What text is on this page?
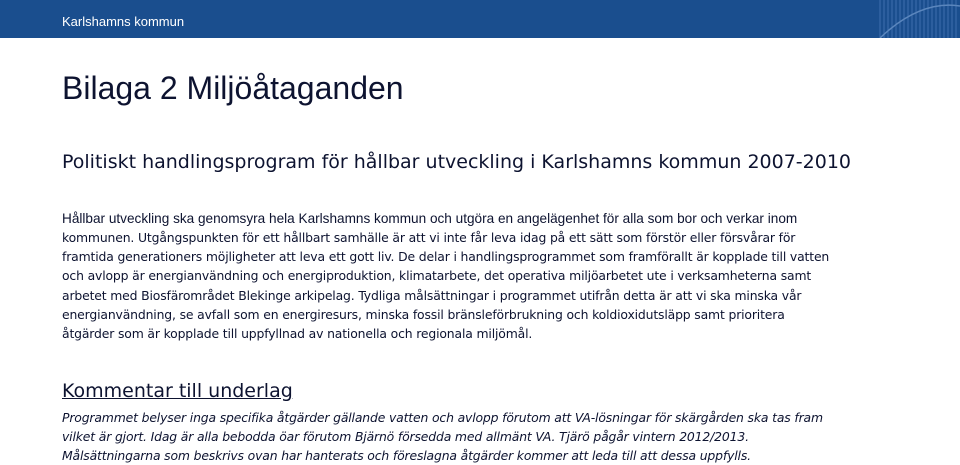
Karlshamns kommun
Bilaga 2 Miljöåtaganden
Politiskt handlingsprogram för hållbar utveckling i Karlshamns kommun 2007-2010

Hållbar utveckling ska genomsyra hela Karlshamns kommun och utgöra en angelägenhet för alla som bor och verkar inom

kommunen. Utgångspunkten för ett hållbart samhälle är att vi inte får leva idag på ett sätt som förstör eller försvårar för
framtida generationers möjligheter att leva ett gott liv. De delar i handlingsprogrammet som framförallt är kopplade till vatten
och avlopp är energianvändning och energiproduktion, klimatarbete, det operativa miljöarbetet ute i verksamheterna samt
arbetet med Biosfärområdet Blekinge arkipelag. Tydliga målsättningar i programmet utifrån detta är att vi ska minska vår
energianvändning, se avfall som en energiresurs, minska fossil bränsleförbrukning och koldioxidutsläpp samt prioritera
åtgärder som är kopplade till uppfyllnad av nationella och regionala miljömål.

Kommentar till underlag

Programmet belyser inga specifika åtgärder gällande vatten och avlopp förutom att VA-lösningar för skärgården ska tas fram
vilket är gjort. Idag är alla bebodda öar förutom Bjärnö försedda med allmänt VA. Tjärö pågår vintern 2012/2013.
Målsättningarna som beskrivs ovan har hanterats och föreslagna åtgärder kommer att leda till att dessa uppfylls.
